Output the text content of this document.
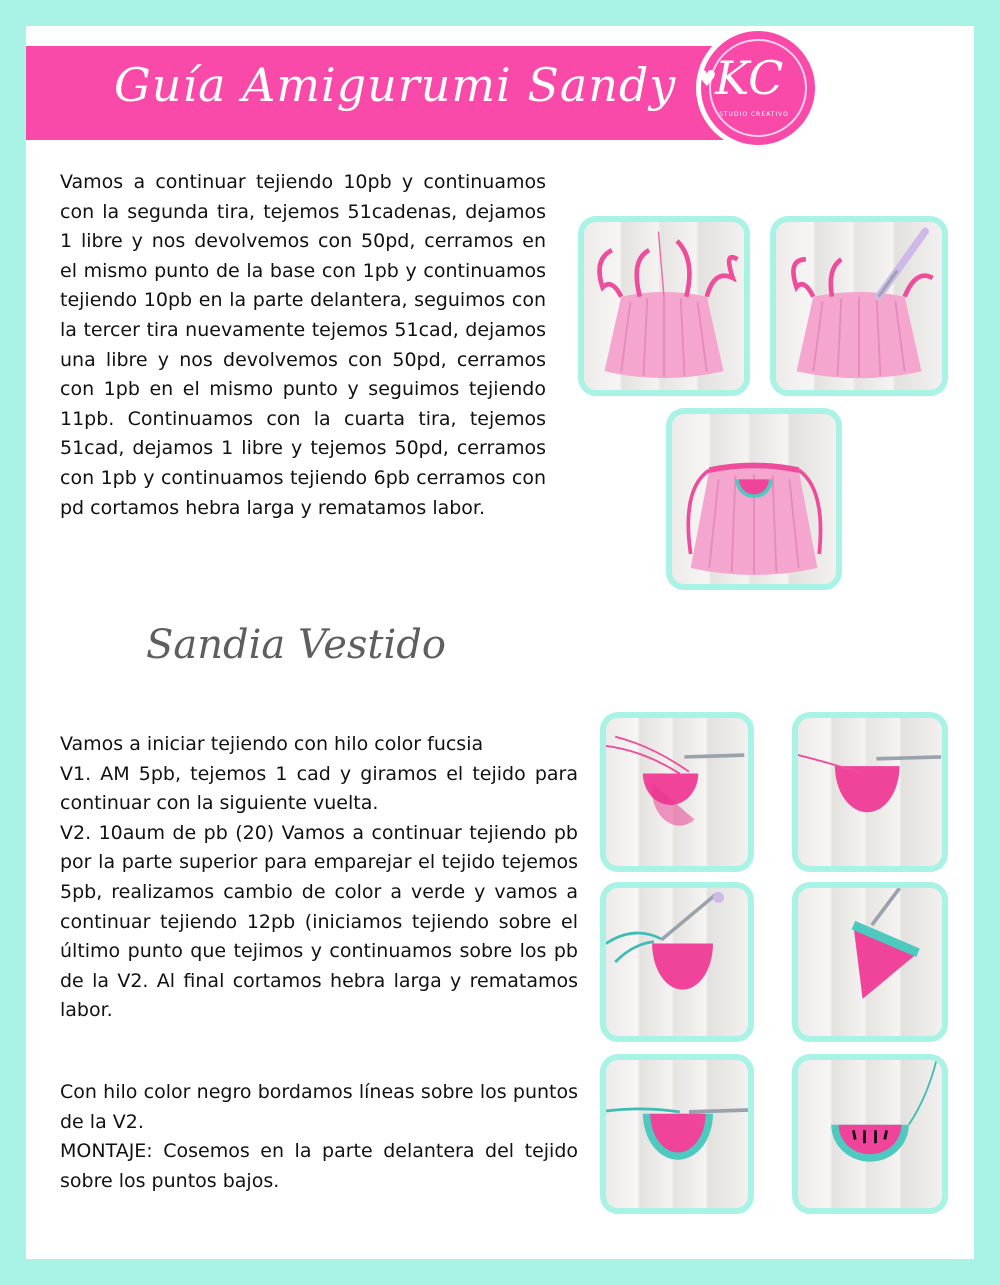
Guía Amigurumi Sandy ♥
KC
STUDIO CREATIVO

Vamos a continuar tejiendo 10pb y continuamos con la segunda tira, tejemos 51cadenas, dejamos 1 libre y nos devolvemos con 50pd, cerramos en el mismo punto de la base con 1pb y continuamos tejiendo 10pb en la parte delantera, seguimos con la tercer tira nuevamente tejemos 51cad, dejamos una libre y nos devolvemos con 50pd, cerramos con 1pb en el mismo punto y seguimos tejiendo 11pb. Continuamos con la cuarta tira, tejemos 51cad, dejamos 1 libre y tejemos 50pd, cerramos con 1pb y continuamos tejiendo 6pb cerramos con pd cortamos hebra larga y rematamos labor.

Sandia Vestido
Vamos a iniciar tejiendo con hilo color fucsia
V1. AM 5pb, tejemos 1 cad y giramos el tejido para continuar con la siguiente vuelta.
V2. 10aum de pb (20) Vamos a continuar tejiendo pb por la parte superior para emparejar el tejido tejemos 5pb, realizamos cambio de color a verde y vamos a continuar tejiendo 12pb (iniciamos tejiendo sobre el último punto que tejimos y continuamos sobre los pb de la V2. Al final cortamos hebra larga y rematamos labor.
Con hilo color negro bordamos líneas sobre los puntos de la V2.
MONTAJE: Cosemos en la parte delantera del tejido sobre los puntos bajos.
